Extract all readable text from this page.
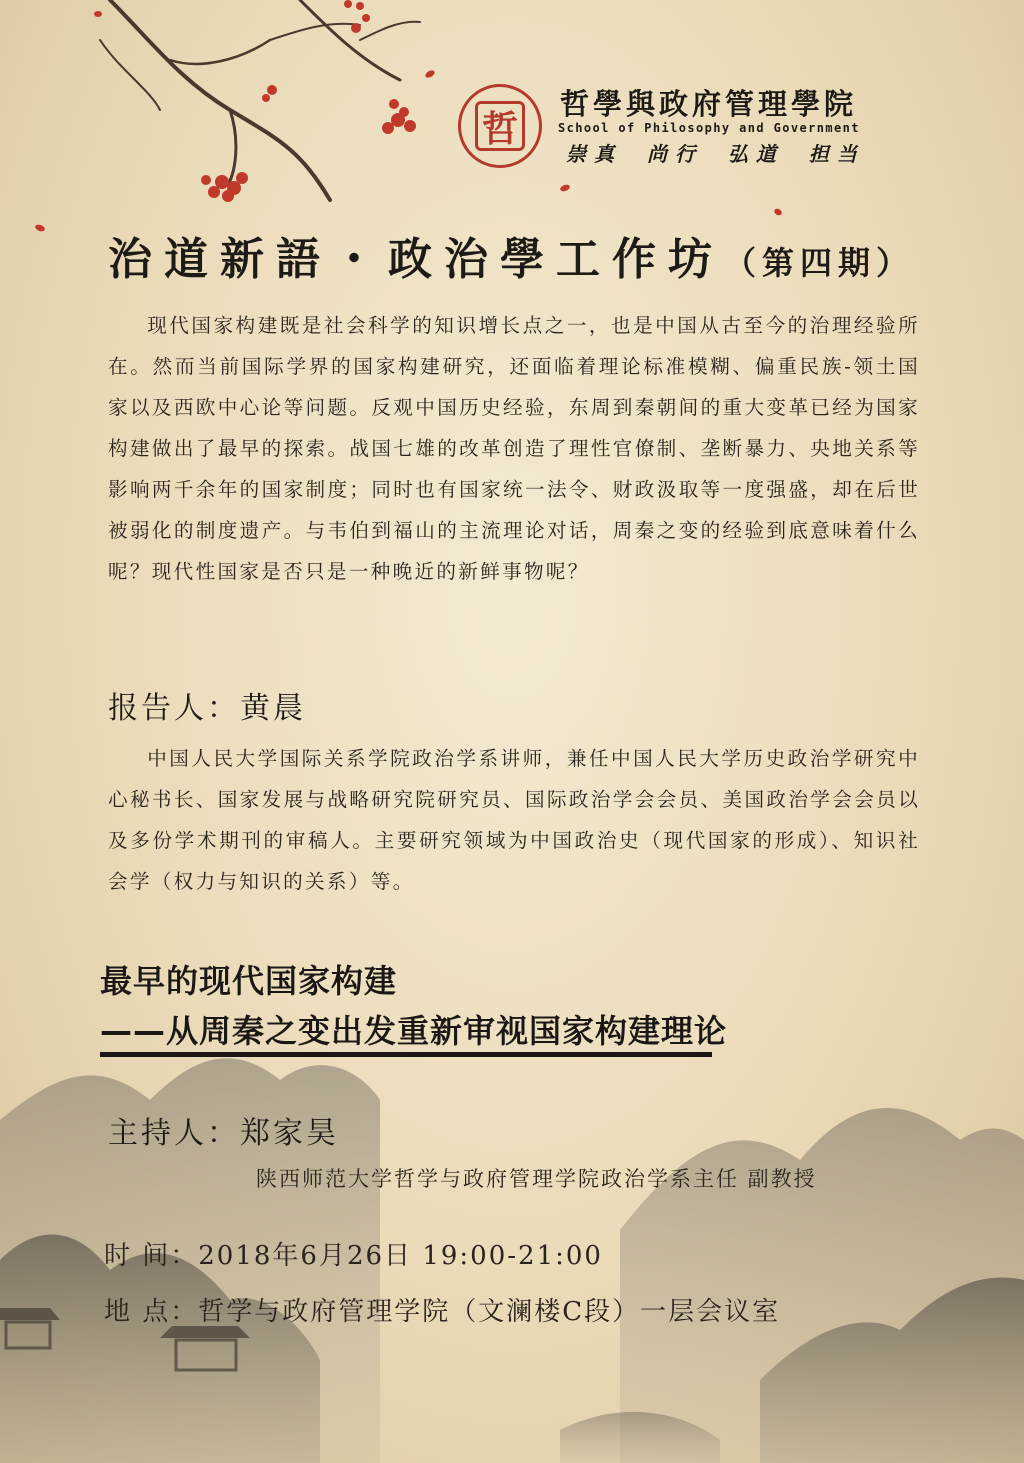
哲
哲學與政府管理學院
School of Philosophy and Government
崇真 尚行 弘道 担当
治道新語・政治學工作坊（第四期）

现代国家构建既是社会科学的知识增长点之一，也是中国从古至今的治理经验所在。然而当前国际学界的国家构建研究，还面临着理论标准模糊、偏重民族-领土国家以及西欧中心论等问题。反观中国历史经验，东周到秦朝间的重大变革已经为国家构建做出了最早的探索。战国七雄的改革创造了理性官僚制、垄断暴力、央地关系等影响两千余年的国家制度；同时也有国家统一法令、财政汲取等一度强盛，却在后世被弱化的制度遗产。与韦伯到福山的主流理论对话，周秦之变的经验到底意味着什么呢？现代性国家是否只是一种晚近的新鲜事物呢？

报告人：黄晨

中国人民大学国际关系学院政治学系讲师，兼任中国人民大学历史政治学研究中心秘书长、国家发展与战略研究院研究员、国际政治学会会员、美国政治学会会员以及多份学术期刊的审稿人。主要研究领域为中国政治史（现代国家的形成）、知识社会学（权力与知识的关系）等。

最早的现代国家构建
——从周秦之变出发重新审视国家构建理论
主持人：郑家昊
陕西师范大学哲学与政府管理学院政治学系主任 副教授
时 间：2018年6月26日 19:00-21:00
地 点：哲学与政府管理学院（文澜楼C段）一层会议室
